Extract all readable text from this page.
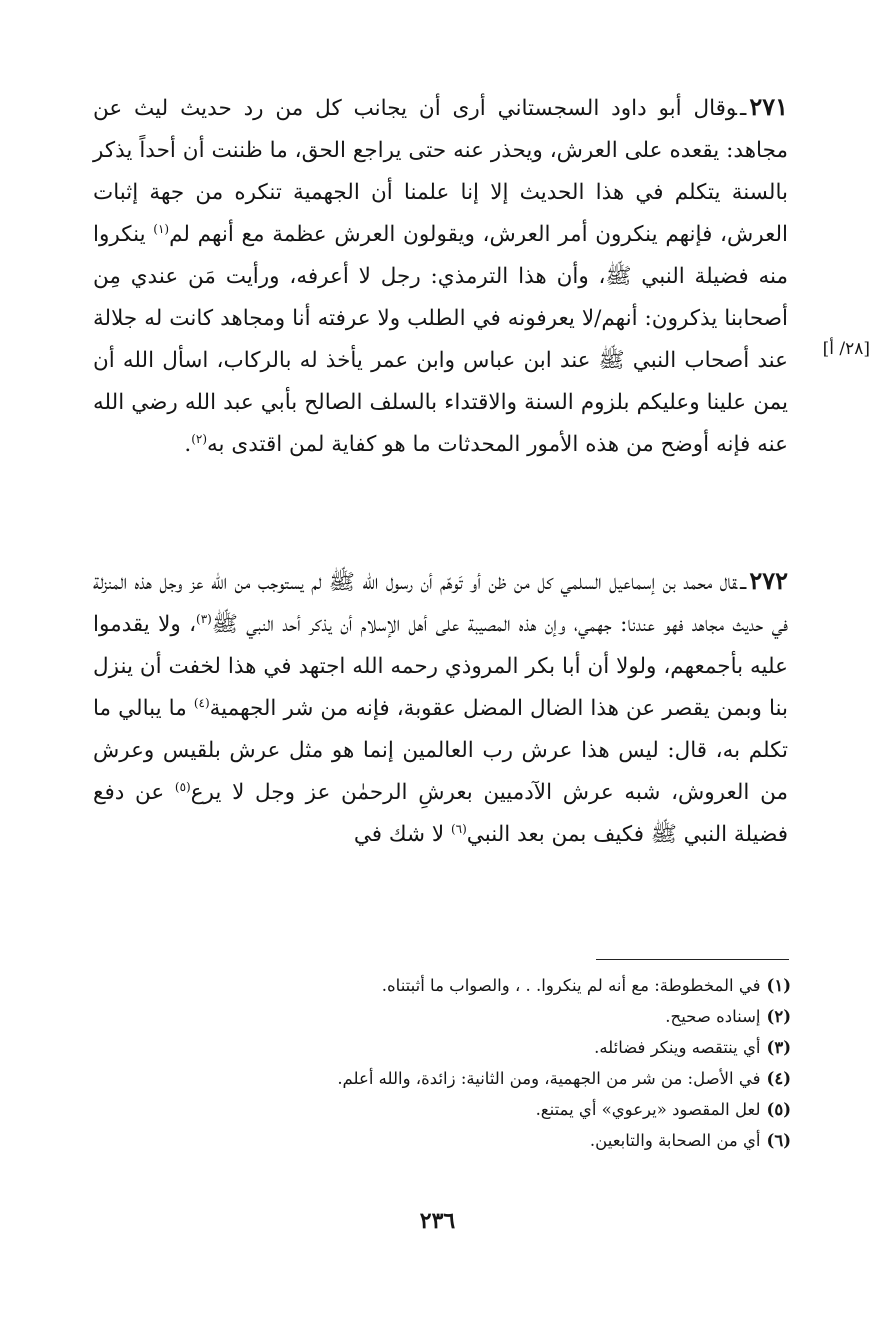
٢٧١ـوقال أبو داود السجستاني أرى أن يجانب كل من رد حديث ليث عن مجاهد: يقعده على العرش، ويحذر عنه حتى يراجع الحق، ما ظننت أن أحداً يذكر بالسنة يتكلم في هذا الحديث إلا إنا علمنا أن الجهمية تنكره من جهة إثبات العرش، فإنهم ينكرون أمر العرش، ويقولون العرش عظمة مع أنهم لم$^{(١)}$ ينكروا منه فضيلة النبي ﷺ، وأن هذا الترمذي: رجل لا أعرفه، ورأيت مَن عندي مِن أصحابنا يذكرون: أنهم/لا يعرفونه في الطلب ولا عرفته أنا ومجاهد كانت له جلالة عند أصحاب النبي ﷺ عند ابن عباس وابن عمر يأخذ له بالركاب، اسأل الله أن يمن علينا وعليكم بلزوم السنة والاقتداء بالسلف الصالح بأبي عبد الله رضي الله عنه فإنه أوضح من هذه الأمور المحدثات ما هو كفاية لمن اقتدى به$^{(٢)}$.
[٢٨/ أ]
٢٧٢ـقال محمد بن إسماعيل السلمي كل من ظن أو تَوهّم أن رسول الله ﷺ لم يستوجب من الله عز وجل هذه المنزلة في حديث مجاهد فهو عندنا: جهمي، وإن هذه المصيبة على أهل الإسلام أن يذكر أحد النبي ﷺ$^{(٣)}$، ولا يقدموا عليه بأجمعهم، ولولا أن أبا بكر المروذي رحمه الله اجتهد في هذا لخفت أن ينزل بنا وبمن يقصر عن هذا الضال المضل عقوبة، فإنه من شر الجهمية$^{(٤)}$ ما يبالي ما تكلم به، قال: ليس هذا عرش رب العالمين إنما هو مثل عرش بلقيس وعرش من العروش، شبه عرش الآدميين بعرشِ الرحمٰن عز وجل لا يرع$^{(٥)}$ عن دفع فضيلة النبي ﷺ فكيف بمن بعد النبي$^{(٦)}$ لا شك في
(١)في المخطوطة: مع أنه لم ينكروا. . ، والصواب ما أثبتناه.
(٢)إسناده صحيح.
(٣)أي ينتقصه وينكر فضائله.
(٤)في الأصل: من شر من الجهمية، ومن الثانية: زائدة، والله أعلم.
(٥)لعل المقصود «يرعوي» أي يمتنع.
(٦)أي من الصحابة والتابعين.
٢٣٦
